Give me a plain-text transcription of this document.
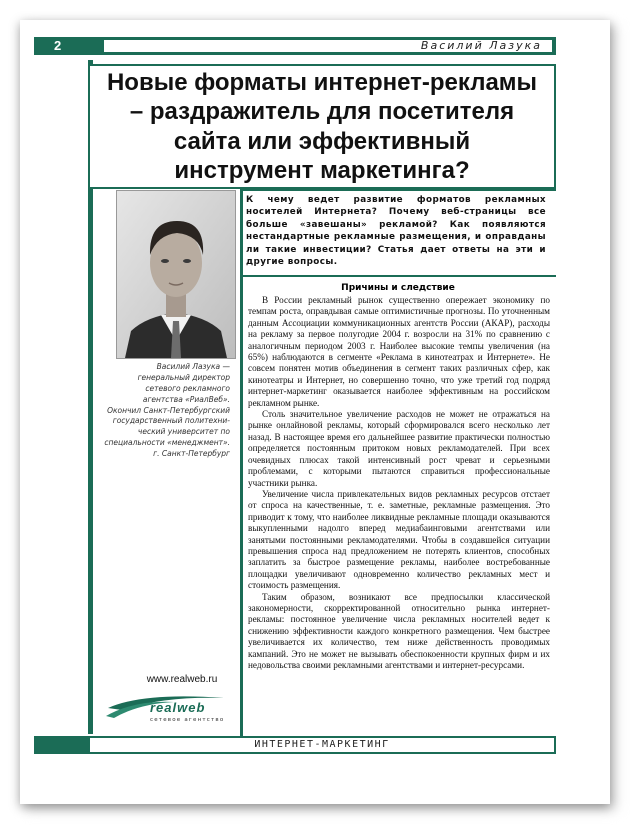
2	Василий Лазука
Новые форматы интернет-рекламы – раздражитель для посетителя сайта или эффективный инструмент маркетинга?
Василий Лазука —
генеральный директор
сетевого рекламного
агентства «РиалВеб».
Окончил Санкт-Петербургский
государственный политехни-
ческий университет по
специальности «менеджмент».
г. Санкт-Петербург
К чему ведет развитие форматов рекламных носителей Интернета? Почему веб-страницы все больше «завешаны» рекламой? Как появляются нестандартные рекламные размещения, и оправданы ли такие инвестиции? Статья дает ответы на эти и другие вопросы.
Причины и следствие

В России рекламный рынок существенно опережает экономику по темпам роста, оправдывая самые оптимистичные прогнозы. По уточненным данным Ассоциации коммуникационных агентств России (АКАР), расходы на рекламу за первое полугодие 2004 г. возросли на 31% по сравнению с аналогичным периодом 2003 г. Наиболее высокие темпы увеличения (на 65%) наблюдаются в сегменте «Реклама в кинотеатрах и Интернете». Не совсем понятен мотив объединения в сегмент таких различных сфер, как кинотеатры и Интернет, но совершенно точно, что уже третий год подряд интернет-маркетинг оказывается наиболее эффективным на российском рекламном рынке.

Столь значительное увеличение расходов не может не отражаться на рынке онлайновой рекламы, который сформировался всего несколько лет назад. В настоящее время его дальнейшее развитие практически полностью определяется постоянным притоком новых рекламодателей. При всех очевидных плюсах такой интенсивный рост чреват и серьезными проблемами, с которыми пытаются справиться профессиональные участники рынка.

Увеличение числа привлекательных видов рекламных ресурсов отстает от спроса на качественные, т. е. заметные, рекламные размещения. Это приводит к тому, что наиболее ликвидные рекламные площади оказываются выкупленными надолго вперед медиабаинговыми агентствами или занятыми постоянными рекламодателями. Чтобы в создавшейся ситуации превышения спроса над предложением не потерять клиентов, способных заплатить за быстрое размещение рекламы, наиболее востребованные площадки увеличивают одновременно количество рекламных мест и стоимость размещения.

Таким образом, возникают все предпосылки классической закономерности, скорректированной относительно рынка интернет-рекламы: постоянное увеличение числа рекламных носителей ведет к снижению эффективности каждого конкретного размещения. Чем быстрее увеличивается их количество, тем ниже действенность проводимых кампаний. Это не может не вызывать обеспокоенности крупных фирм и их недовольства своими рекламными агентствами и интернет-ресурсами.

www.realweb.ru
realweb
сетевое агентство
ИНТЕРНЕТ-МАРКЕТИНГ
